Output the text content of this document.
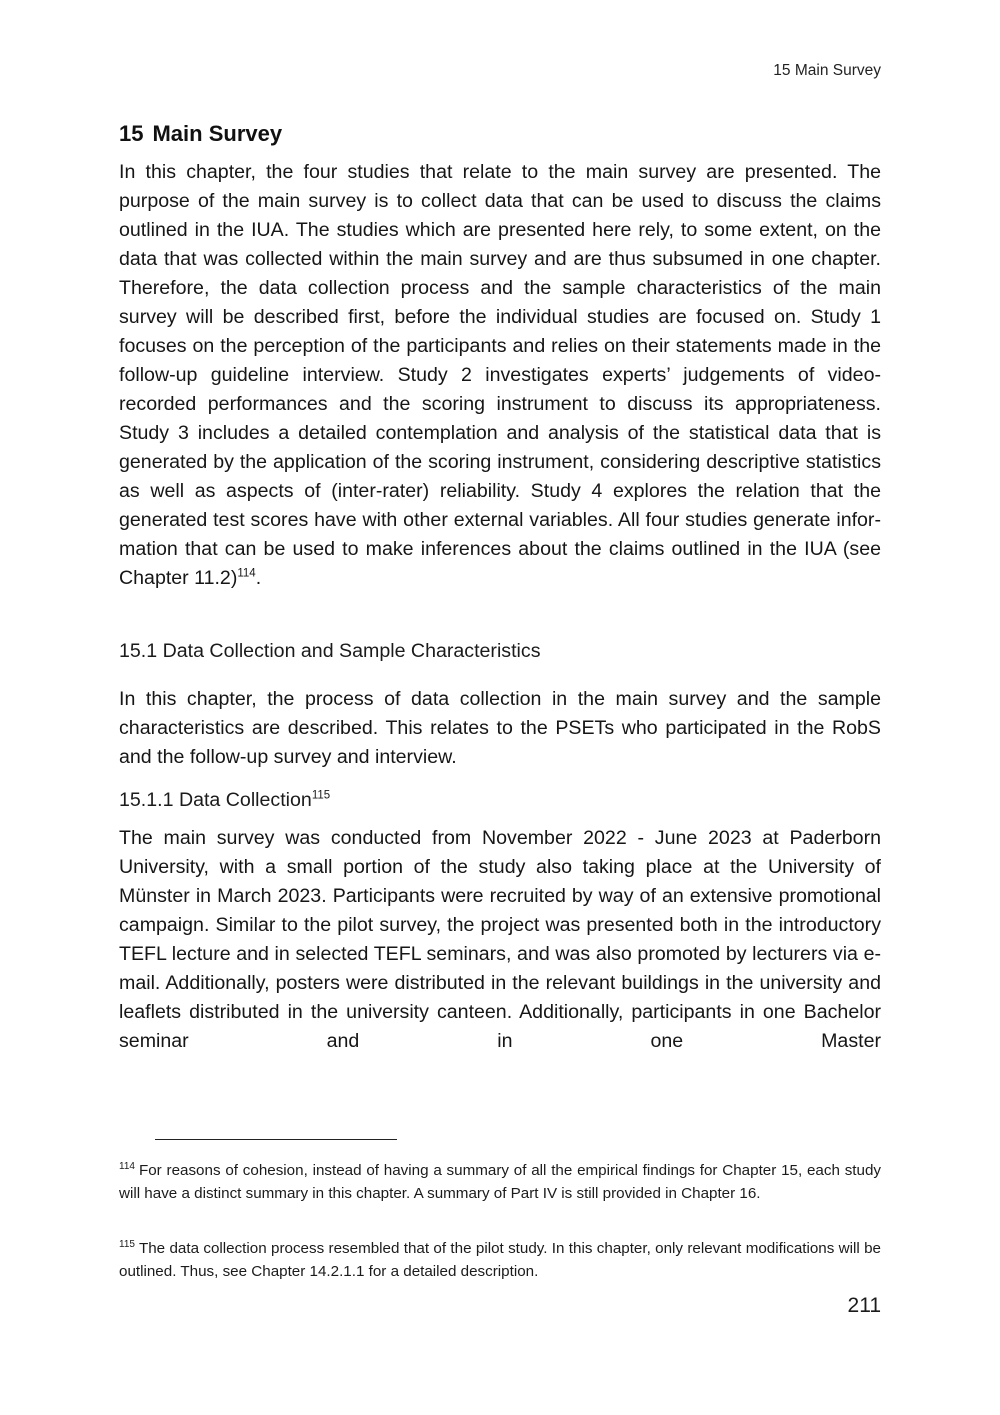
15 Main Survey
15 Main Survey

In this chapter, the four studies that relate to the main survey are presented. The purpose of the main survey is to collect data that can be used to discuss the claims outlined in the IUA. The studies which are presented here rely, to some extent, on the data that was collected within the main survey and are thus subsumed in one chapter. Therefore, the data collection process and the sample characteristics of the main survey will be described first, before the individual studies are focused on. Study 1 focuses on the perception of the participants and relies on their statements made in the follow-up guideline interview. Study 2 investigates experts’ judgements of video-recorded performances and the scoring instrument to discuss its appropriateness. Study 3 includes a detailed contemplation and analysis of the statistical data that is generated by the application of the scoring instrument, considering descriptive statistics as well as aspects of (inter-rater) reliability. Study 4 explores the relation that the generated test scores have with other external variables. All four studies generate information that can be used to make inferences about the claims outlined in the IUA (see Chapter 11.2)$^{114}$.

15.1 Data Collection and Sample Characteristics

In this chapter, the process of data collection in the main survey and the sample characteristics are described. This relates to the PSETs who participated in the RobS and the follow-up survey and interview.

15.1.1 Data Collection$^{115}$

The main survey was conducted from November 2022 - June 2023 at Paderborn University, with a small portion of the study also taking place at the University of Münster in March 2023. Participants were recruited by way of an extensive promotional campaign. Similar to the pilot survey, the project was presented both in the introductory TEFL lecture and in selected TEFL seminars, and was also promoted by lecturers via e-mail. Additionally, posters were distributed in the relevant buildings in the university and leaflets distributed in the university canteen. Additionally, participants in one Bachelor seminar and in one Master

$^{114}$ For reasons of cohesion, instead of having a summary of all the empirical findings for Chapter 15, each study will have a distinct summary in this chapter. A summary of Part IV is still provided in Chapter 16.

$^{115}$ The data collection process resembled that of the pilot study. In this chapter, only relevant modifications will be outlined. Thus, see Chapter 14.2.1.1 for a detailed description.

211
